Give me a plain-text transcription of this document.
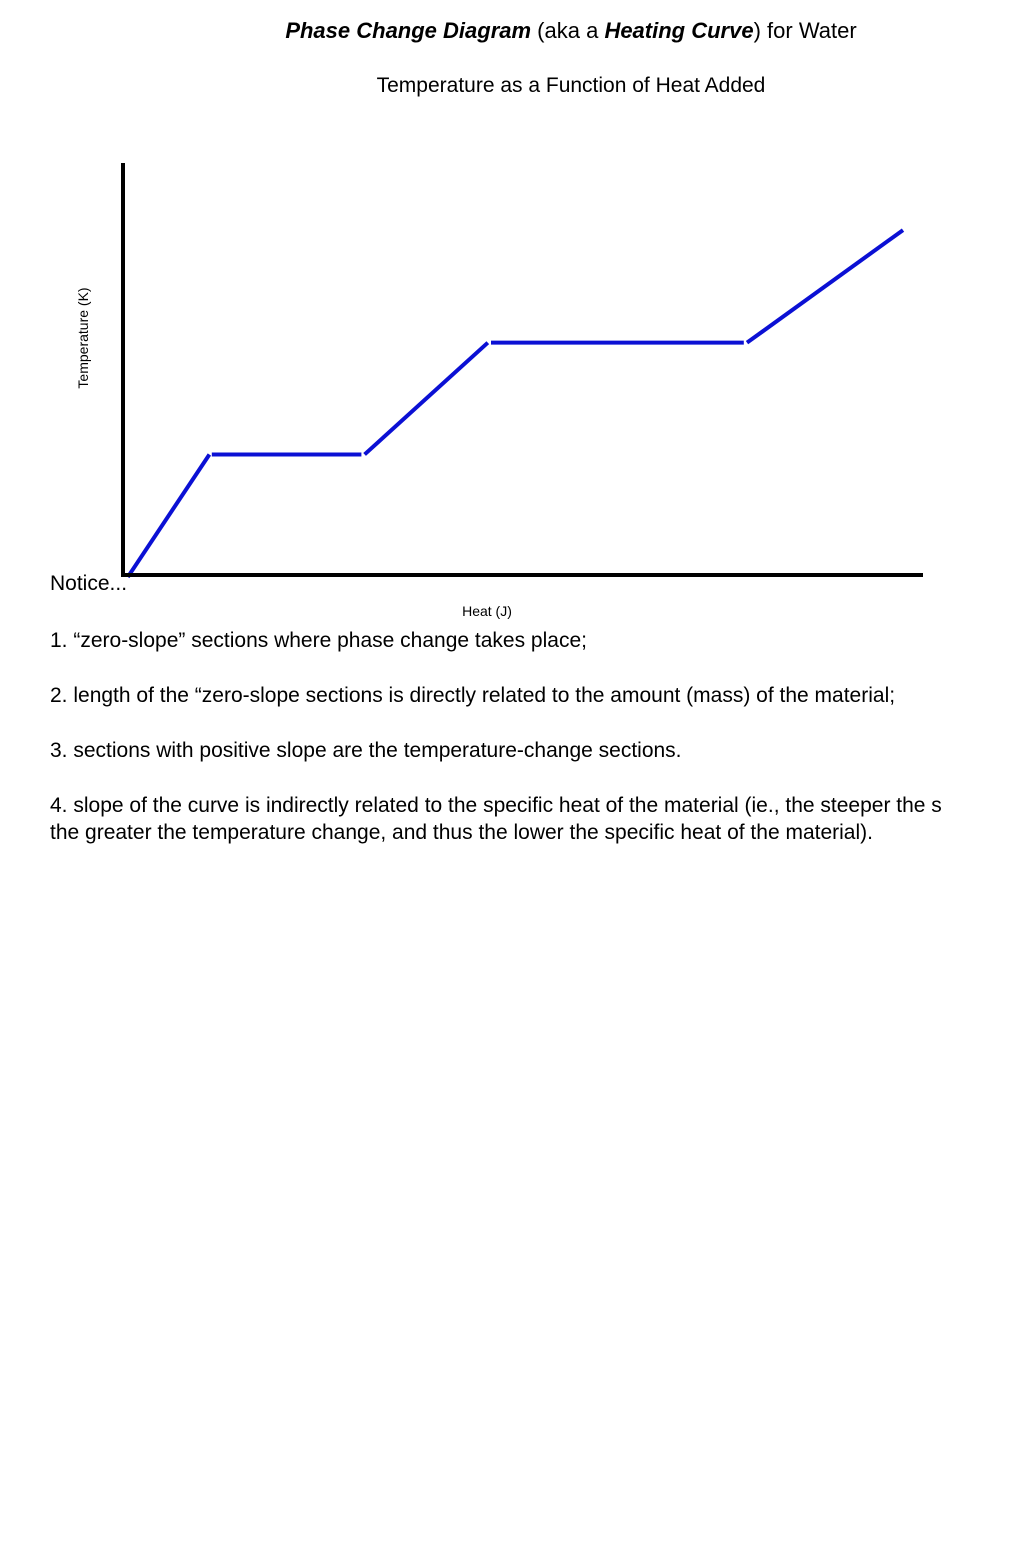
Phase Change Diagram (aka a Heating Curve) for Water
Temperature as a Function of Heat Added
Heat (J)
Temperature (K)
Notice...
1. “zero-slope” sections where phase change takes place;
2. length of the “zero-slope sections is directly related to the amount (mass) of the material;
3. sections with positive slope are the temperature-change sections.
4. slope of the curve is indirectly related to the specific heat of the material (ie., the steeper the s
the greater the temperature change, and thus the lower the specific heat of the material).
